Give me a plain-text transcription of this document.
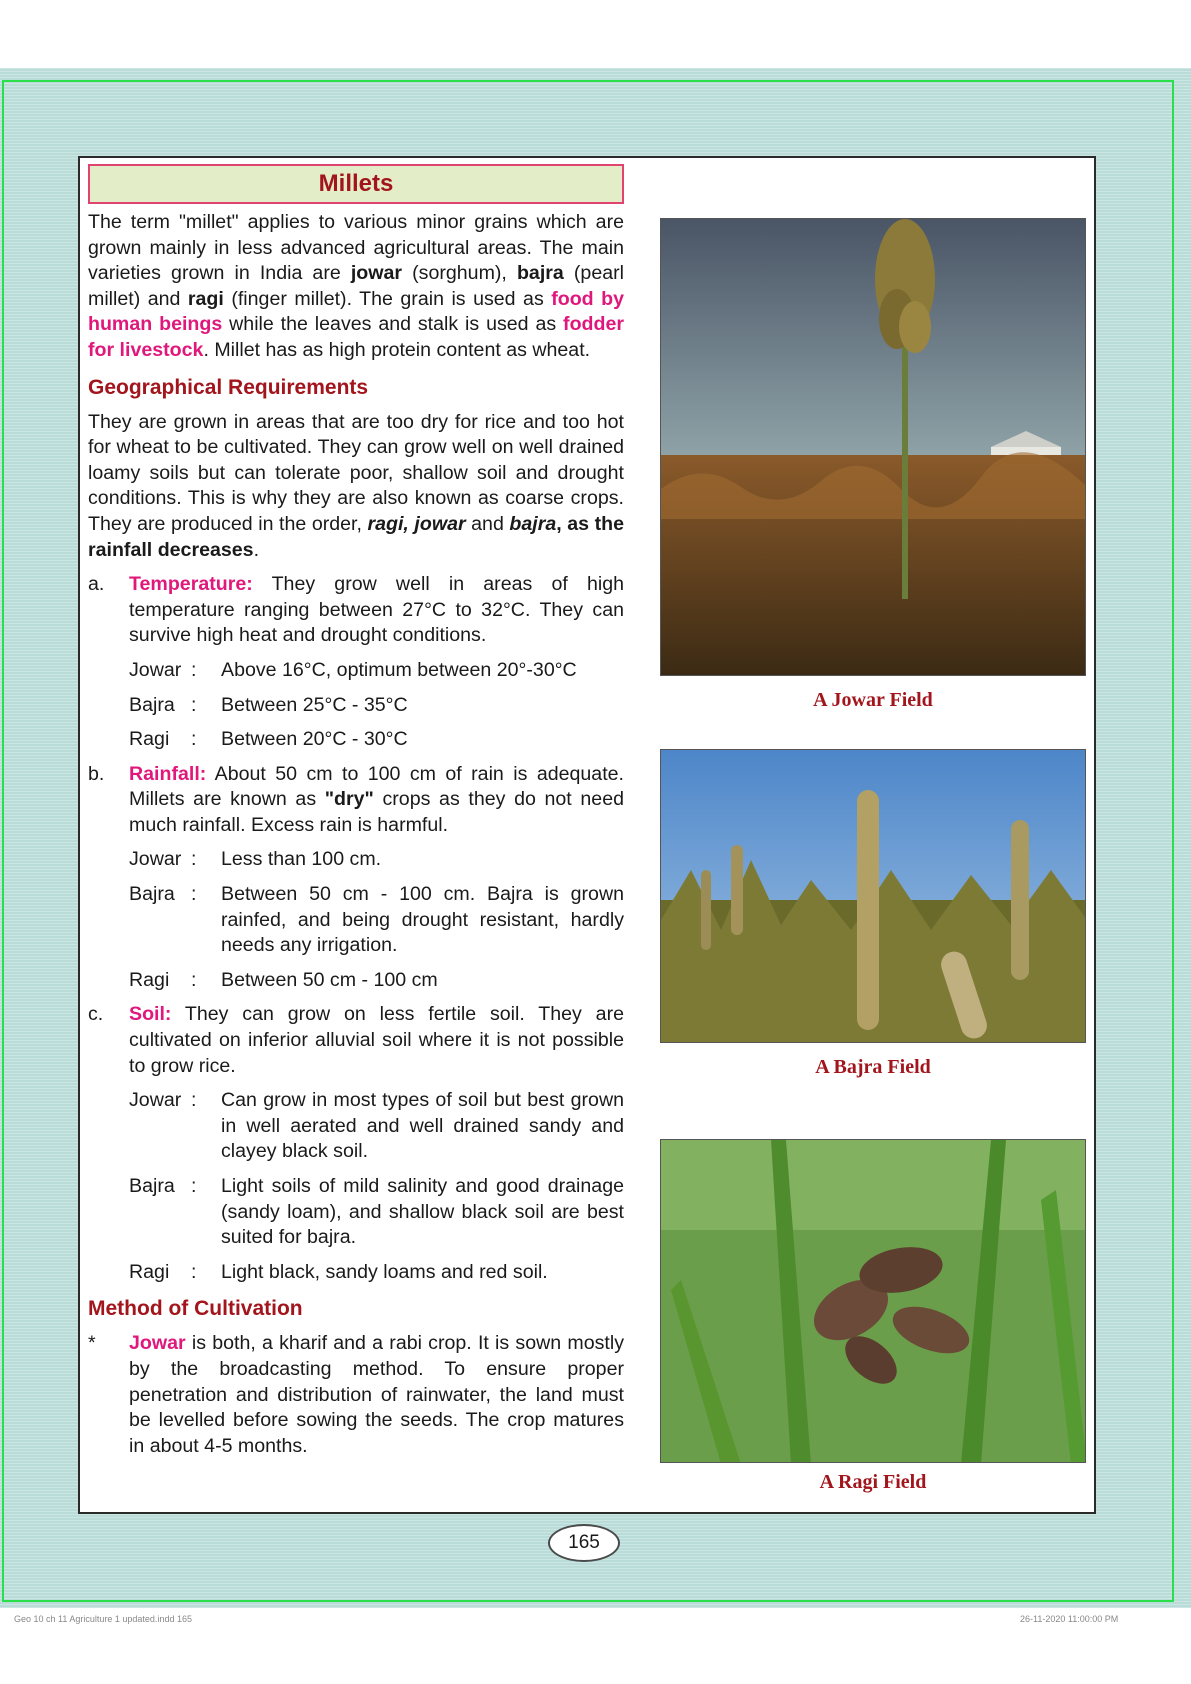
Millets

The term "millet" applies to various minor grains which are grown mainly in less advanced agricultural areas. The main varieties grown in India are jowar (sorghum), bajra (pearl millet) and ragi (finger millet). The grain is used as food by human beings while the leaves and stalk is used as fodder for livestock. Millet has as high protein content as wheat.

Geographical Requirements

They are grown in areas that are too dry for rice and too hot for wheat to be cultivated. They can grow well on well drained loamy soils but can tolerate poor, shallow soil and drought conditions. This is why they are also known as coarse crops. They are produced in the order, ragi, jowar and bajra, as the rainfall decreases.

a. Temperature: They grow well in areas of high temperature ranging between 27°C to 32°C. They can survive high heat and drought conditions.
Jowar :	Above 16°C, optimum between 20°-30°C
Bajra :	Between 25°C - 35°C
Ragi	:	Between 20°C - 30°C
b. Rainfall: About 50 cm to 100 cm of rain is adequate. Millets are known as "dry" crops as they do not need much rainfall. Excess rain is harmful.
Jowar :	Less than 100 cm.
Bajra :	Between 50 cm - 100 cm. Bajra is grown rainfed, and being drought resistant, hardly needs any irrigation.
Ragi	:	Between 50 cm - 100 cm
c. Soil: They can grow on less fertile soil. They are cultivated on inferior alluvial soil where it is not possible to grow rice.
Jowar :	Can grow in most types of soil but best grown in well aerated and well drained sandy and clayey black soil.
Bajra :	Light soils of mild salinity and good drainage (sandy loam), and shallow black soil are best suited for bajra.
Ragi	:	Light black, sandy loams and red soil.
Method of Cultivation
* Jowar is both, a kharif and a rabi crop. It is sown mostly by the broadcasting method. To ensure proper penetration and distribution of rainwater, the land must be levelled before sowing the seeds. The crop matures in about 4-5 months.
A Jowar Field
A Bajra Field
A Ragi Field
165
Geo 10 ch 11 Agriculture 1 updated.indd 165	26-11-2020 11:00:00 PM
